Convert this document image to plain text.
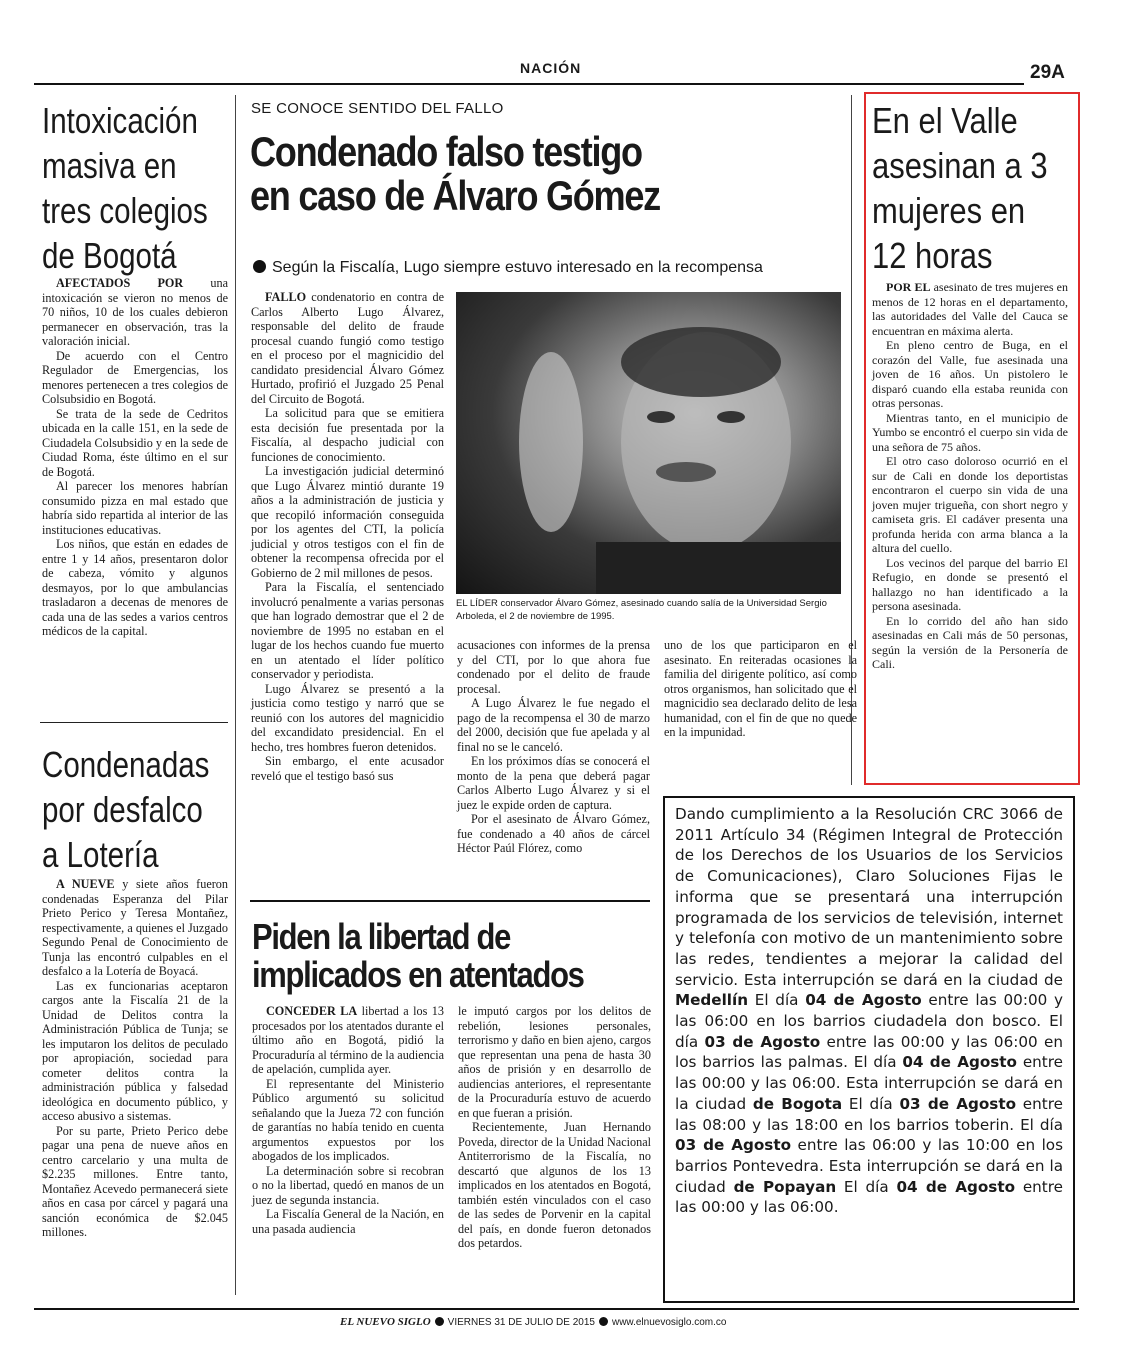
NACIÓN	29A
Intoxicación
masiva en
tres colegios
de Bogotá

AFECTADOS POR una intoxicación se vieron no menos de 70 niños, 10 de los cuales debieron permanecer en observación, tras la valoración inicial.

De acuerdo con el Centro Regulador de Emergencias, los menores pertenecen a tres colegios de Colsubsidio en Bogotá.

Se trata de la sede de Cedritos ubicada en la calle 151, en la sede de Ciudadela Colsubsidio y en la sede de Ciudad Roma, éste último en el sur de Bogotá.

Al parecer los menores habrían consumido pizza en mal estado que habría sido repartida al interior de las instituciones educativas.

Los niños, que están en edades de entre 1 y 14 años, presentaron dolor de cabeza, vómito y algunos desmayos, por lo que ambulancias trasladaron a decenas de menores de cada una de las sedes a varios centros médicos de la capital.

Condenadas
por desfalco
a Lotería

A NUEVE y siete años fueron condenadas Esperanza del Pilar Prieto Perico y Teresa Montañez, respectivamente, a quienes el Juzgado Segundo Penal de Conocimiento de Tunja las encontró culpables en el desfalco a la Lotería de Boyacá.

Las ex funcionarias aceptaron cargos ante la Fiscalía 21 de la Unidad de Delitos contra la Administración Pública de Tunja; se les imputaron los delitos de peculado por apropiación, sociedad para cometer delitos contra la administración pública y falsedad ideológica en documento público, y acceso abusivo a sistemas.

Por su parte, Prieto Perico debe pagar una pena de nueve años en centro carcelario y una multa de $2.235 millones. Entre tanto, Montañez Acevedo permanecerá siete años en casa por cárcel y pagará una sanción económica de $2.045 millones.

SE CONOCE SENTIDO DEL FALLO
Condenado falso testigo
en caso de Álvaro Gómez
Según la Fiscalía, Lugo siempre estuvo interesado en la recompensa

FALLO condenatorio en contra de Carlos Alberto Lugo Álvarez, responsable del delito de fraude procesal cuando fungió como testigo en el proceso por el magnicidio del candidato presidencial Álvaro Gómez Hurtado, profirió el Juzgado 25 Penal del Circuito de Bogotá.

La solicitud para que se emitiera esta decisión fue presentada por la Fiscalía, al despacho judicial con funciones de conocimiento.

La investigación judicial determinó que Lugo Álvarez mintió durante 19 años a la administración de justicia y que recopiló información conseguida por los agentes del CTI, la policía judicial y otros testigos con el fin de obtener la recompensa ofrecida por el Gobierno de 2 mil millones de pesos.

Para la Fiscalía, el sentenciado involucró penalmente a varias personas que han logrado demostrar que el 2 de noviembre de 1995 no estaban en el lugar de los hechos cuando fue muerto en un atentado el líder político conservador y periodista.

Lugo Álvarez se presentó a la justicia como testigo y narró que se reunió con los autores del magnicidio del excandidato presidencial. En el hecho, tres hombres fueron detenidos.

Sin embargo, el ente acusador reveló que el testigo basó sus

EL LÍDER conservador Álvaro Gómez, asesinado cuando salía de la Universidad Sergio Arboleda, el 2 de noviembre de 1995.

acusaciones con informes de la prensa y del CTI, por lo que ahora fue condenado por el delito de fraude procesal.

A Lugo Álvarez le fue negado el pago de la recompensa el 30 de marzo del 2000, decisión que fue apelada y al final no se le canceló.

En los próximos días se conocerá el monto de la pena que deberá pagar Carlos Alberto Lugo Álvarez y si el juez le expide orden de captura.

Por el asesinato de Álvaro Gómez, fue condenado a 40 años de cárcel Héctor Paúl Flórez, como

uno de los que participaron en el asesinato. En reiteradas ocasiones la familia del dirigente político, así como otros organismos, han solicitado que el magnicidio sea declarado delito de lesa humanidad, con el fin de que no quede en la impunidad.

En el Valle
asesinan a 3
mujeres en
12 horas

POR EL asesinato de tres mujeres en menos de 12 horas en el departamento, las autoridades del Valle del Cauca se encuentran en máxima alerta.

En pleno centro de Buga, en el corazón del Valle, fue asesinada una joven de 16 años. Un pistolero le disparó cuando ella estaba reunida con otras personas.

Mientras tanto, en el municipio de Yumbo se encontró el cuerpo sin vida de una señora de 75 años.

El otro caso doloroso ocurrió en el sur de Cali en donde los deportistas encontraron el cuerpo sin vida de una joven mujer trigueña, con short negro y camiseta gris. El cadáver presenta una profunda herida con arma blanca a la altura del cuello.

Los vecinos del parque del barrio El Refugio, en donde se presentó el hallazgo no han identificado a la persona asesinada.

En lo corrido del año han sido asesinadas en Cali más de 50 personas, según la versión de la Personería de Cali.

Piden la libertad de
implicados en atentados

CONCEDER LA libertad a los 13 procesados por los atentados durante el último año en Bogotá, pidió la Procuraduría al término de la audiencia de apelación, cumplida ayer.

El representante del Ministerio Público argumentó su solicitud señalando que la Jueza 72 con función de garantías no había tenido en cuenta argumentos expuestos por los abogados de los implicados.

La determinación sobre si recobran o no la libertad, quedó en manos de un juez de segunda instancia.

La Fiscalía General de la Nación, en una pasada audiencia

le imputó cargos por los delitos de rebelión, lesiones personales, terrorismo y daño en bien ajeno, cargos que representan una pena de hasta 30 años de prisión y en desarrollo de audiencias anteriores, el representante de la Procuraduría estuvo de acuerdo en que fueran a prisión.

Recientemente, Juan Hernando Poveda, director de la Unidad Nacional Antiterrorismo de la Fiscalía, no descartó que algunos de los 13 implicados en los atentados en Bogotá, también estén vinculados con el caso de las sedes de Porvenir en la capital del país, en donde fueron detonados dos petardos.

Dando cumplimiento a la Resolución CRC 3066 de 2011 Artículo 34 (Régimen Integral de Protección de los Derechos de los Usuarios de los Servicios de Comunicaciones), Claro Soluciones Fijas le informa que se presentará una interrupción programada de los servicios de televisión, internet y telefonía con motivo de un mantenimiento sobre las redes, tendientes a mejorar la calidad del servicio. Esta interrupción se dará en la ciudad de Medellín El día 04 de Agosto entre las 00:00 y las 06:00 en los barrios ciudadela don bosco. El día 03 de Agosto entre las 00:00 y las 06:00 en los barrios las palmas. El día 04 de Agosto entre las 00:00 y las 06:00. Esta interrupción se dará en la ciudad de Bogota El día 03 de Agosto entre las 08:00 y las 18:00 en los barrios toberin. El día 03 de Agosto entre las 06:00 y las 10:00 en los barrios Pontevedra. Esta interrupción se dará en la ciudad de Popayan El día 04 de Agosto entre las 00:00 y las 06:00.
EL NUEVO SIGLO VIERNES 31 DE JULIO DE 2015 www.elnuevosiglo.com.co
